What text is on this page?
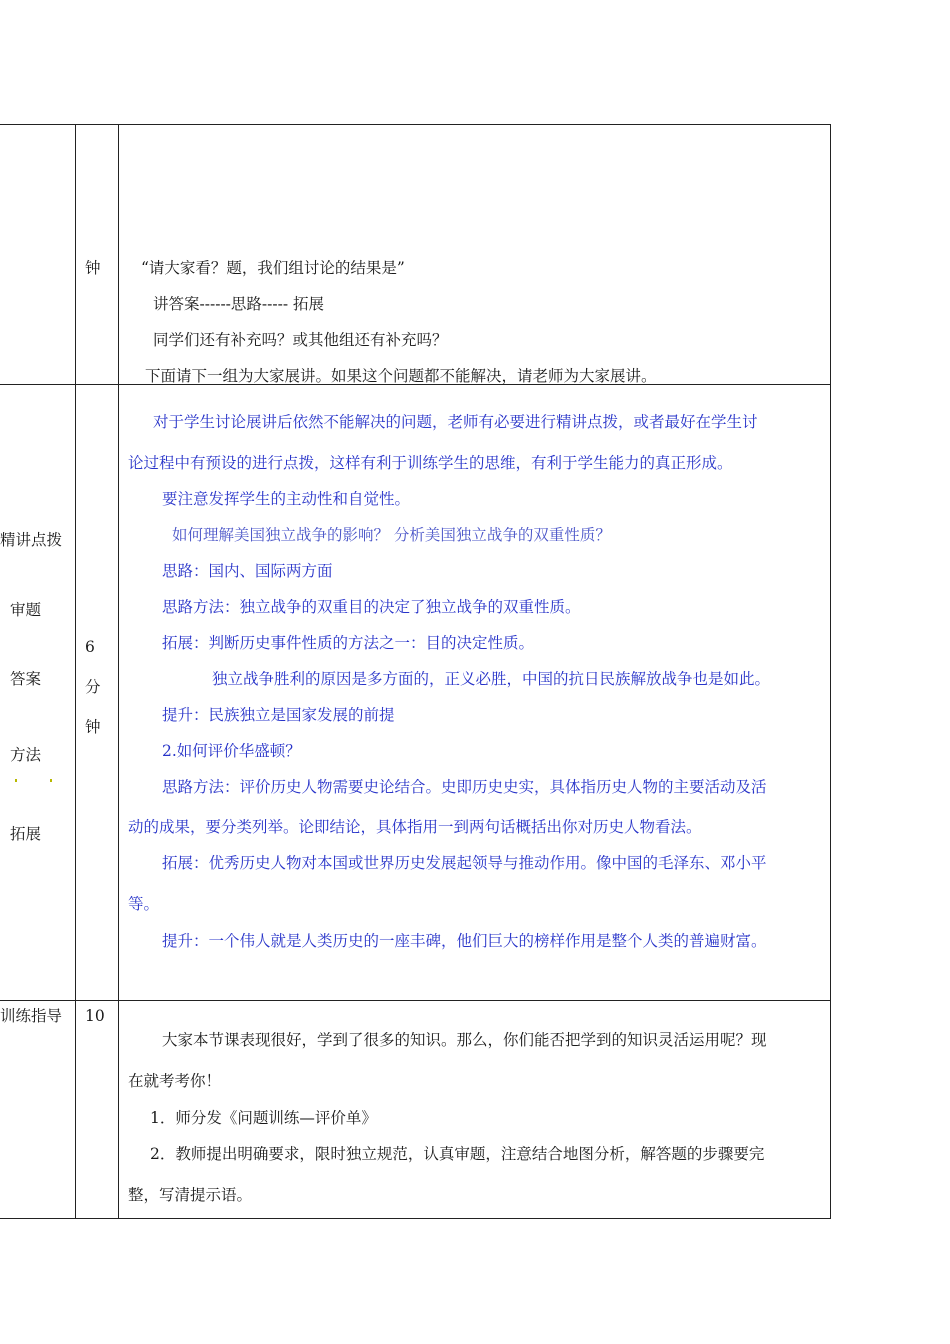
钟	“请大家看？题，我们组讨论的结果是”
讲答案------思路----- 拓展
同学们还有补充吗？或其他组还有补充吗？
下面请下一组为大家展讲。如果这个问题都不能解决，请老师为大家展讲。
精讲点拨
审题
答案
方法
拓展
6
分
钟
对于学生讨论展讲后依然不能解决的问题，老师有必要进行精讲点拨，或者最好在学生讨
论过程中有预设的进行点拨，这样有利于训练学生的思维，有利于学生能力的真正形成。
要注意发挥学生的主动性和自觉性。
如何理解美国独立战争的影响？ 分析美国独立战争的双重性质？
思路：国内、国际两方面
思路方法：独立战争的双重目的决定了独立战争的双重性质。
拓展：判断历史事件性质的方法之一：目的决定性质。
独立战争胜利的原因是多方面的，正义必胜，中国的抗日民族解放战争也是如此。
提升：民族独立是国家发展的前提
2.如何评价华盛顿？
思路方法：评价历史人物需要史论结合。史即历史史实，具体指历史人物的主要活动及活
动的成果，要分类列举。论即结论，具体指用一到两句话概括出你对历史人物看法。
拓展：优秀历史人物对本国或世界历史发展起领导与推动作用。像中国的毛泽东、邓小平
等。
提升：一个伟人就是人类历史的一座丰碑，他们巨大的榜样作用是整个人类的普遍财富。
训练指导 10
大家本节课表现很好，学到了很多的知识。那么，你们能否把学到的知识灵活运用呢？现
在就考考你！
1．师分发《问题训练—评价单》
2．教师提出明确要求，限时独立规范，认真审题，注意结合地图分析，解答题的步骤要完
整，写清提示语。
